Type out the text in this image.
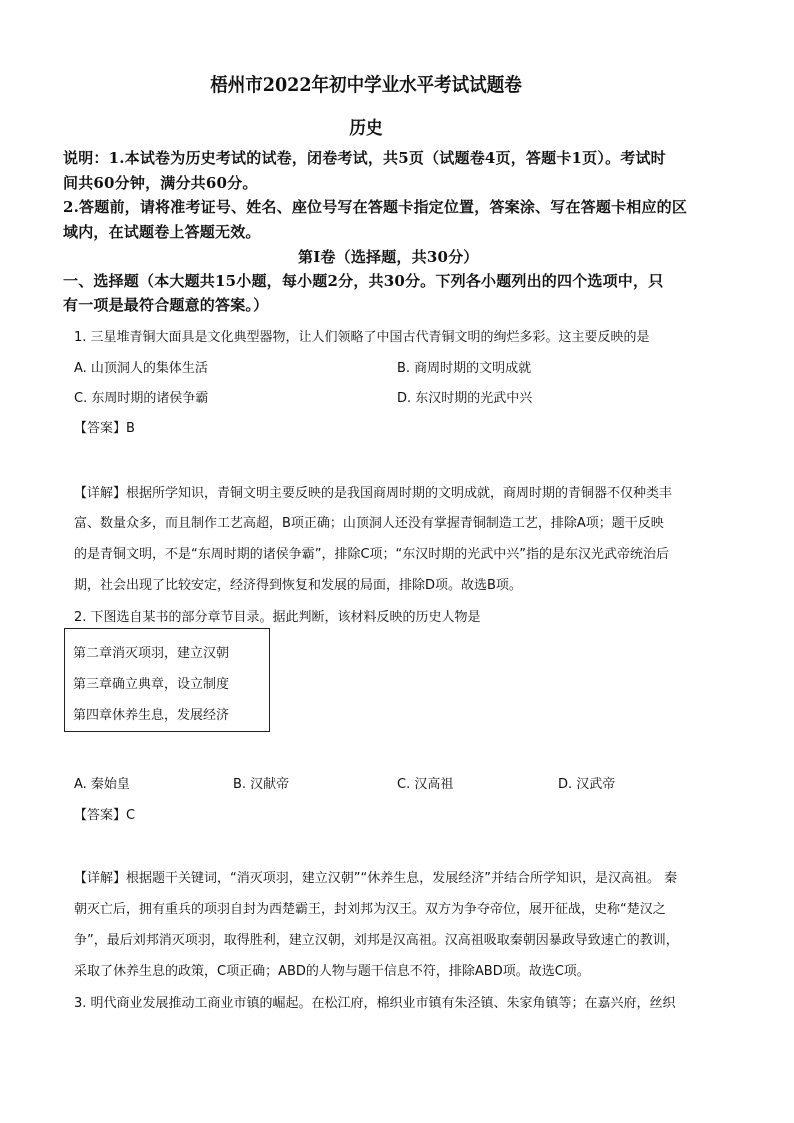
梧州市2022年初中学业水平考试试题卷
历史
说明：1.本试卷为历史考试的试卷，闭卷考试，共5页（试题卷4页，答题卡1页）。考试时
间共60分钟，满分共60分。
2.答题前，请将准考证号、姓名、座位号写在答题卡指定位置，答案涂、写在答题卡相应的区
域内，在试题卷上答题无效。
第Ⅰ卷（选择题，共30分）
一、选择题（本大题共15小题，每小题2分，共30分。下列各小题列出的四个选项中，只
有一项是最符合题意的答案。）
1. 三星堆青铜大面具是文化典型器物，让人们领略了中国古代青铜文明的绚烂多彩。这主要反映的是
A. 山顶洞人的集体生活	B. 商周时期的文明成就
C. 东周时期的诸侯争霸	D. 东汉时期的光武中兴
【答案】B
【详解】根据所学知识，青铜文明主要反映的是我国商周时期的文明成就，商周时期的青铜器不仅种类丰
富、数量众多，而且制作工艺高超，B项正确；山顶洞人还没有掌握青铜制造工艺，排除A项；题干反映
的是青铜文明，不是“东周时期的诸侯争霸”，排除C项；“东汉时期的光武中兴”指的是东汉光武帝统治后
期，社会出现了比较安定，经济得到恢复和发展的局面，排除D项。故选B项。
2. 下图选自某书的部分章节目录。据此判断，该材料反映的历史人物是
第二章消灭项羽，建立汉朝
第三章确立典章，设立制度
第四章休养生息，发展经济
A. 秦始皇	B. 汉献帝	C. 汉高祖	D. 汉武帝
【答案】C
【详解】根据题干关键词，“消灭项羽，建立汉朝”“休养生息，发展经济”并结合所学知识，是汉高祖。 秦
朝灭亡后，拥有重兵的项羽自封为西楚霸王，封刘邦为汉王。双方为争夺帝位，展开征战，史称“楚汉之
争”，最后刘邦消灭项羽，取得胜利，建立汉朝，刘邦是汉高祖。汉高祖吸取秦朝因暴政导致速亡的教训，
采取了休养生息的政策，C项正确；ABD的人物与题干信息不符，排除ABD项。故选C项。
3. 明代商业发展推动工商业市镇的崛起。在松江府，棉织业市镇有朱泾镇、朱家角镇等；在嘉兴府，丝织
